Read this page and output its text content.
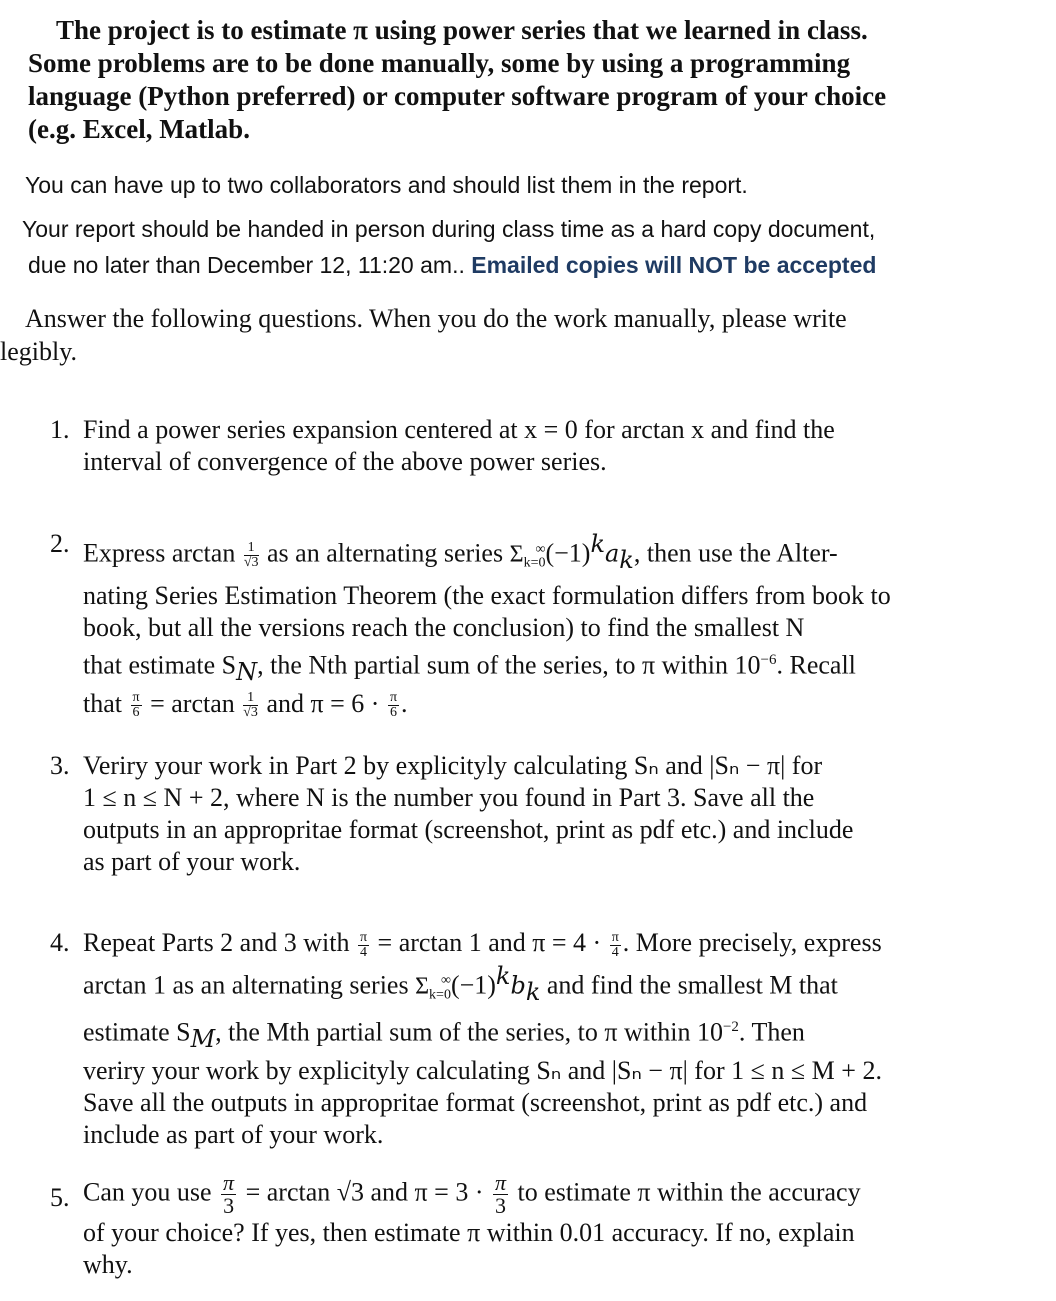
The project is to estimate π using power series that we learned in class.
Some problems are to be done manually, some by using a programming
language (Python preferred) or computer software program of your choice
(e.g. Excel, Matlab.
You can have up to two collaborators and should list them in the report.
Your report should be handed in person during class time as a hard copy document,
due no later than December 12, 11:20 am.. Emailed copies will NOT be accepted
Answer the following questions. When you do the work manually, please write
legibly.
1. Find a power series expansion centered at x = 0 for arctan x and find the
interval of convergence of the above power series.
2. Express $\arctan \frac{1}{√3}$ as an alternating series $\Sigma k=0^\infty(-1)^ka_k$, then use the Alter-
nating Series Estimation Theorem (the exact formulation differs from book to
book, but all the versions reach the conclusion) to find the smallest N
that estimate $S_N$, the Nth partial sum of the series, to π within $10^{-6}$. Recall
that $\frac{\pi}{6} = \arctan \frac{1}{√3}$ and $\pi = 6 \cdot \frac{\pi}{6}$ .
3. Veriry your work in Part 2 by explicityly calculating Sₙ and |Sₙ − π| for
1 ≤ n ≤ N + 2, where N is the number you found in Part 3. Save all the
outputs in an appropritae format (screenshot, print as pdf etc.) and include
as part of your work.
4. Repeat Parts 2 and 3 with $\frac{\pi}{4} = \arctan 1$ and $\pi = 4 \cdot \frac{\pi}{4}$ . More precisely, express
arctan 1 as an alternating series $\Sigma k=0^\infty(-1)^kb_k$ and find the smallest M that
estimate $S_M$, the Mth partial sum of the series, to π within $10^{-2}$. Then
veriry your work by explicityly calculating Sₙ and |Sₙ − π| for 1 ≤ n ≤ M + 2.
Save all the outputs in appropritae format (screenshot, print as pdf etc.) and
include as part of your work.
5. Can you use $\frac{\pi}{3} = \arctan √3$ and $\pi = 3 \cdot \frac{\pi}{3}$ to estimate π within the accuracy
of your choice? If yes, then estimate π within 0.01 accuracy. If no, explain
why.
